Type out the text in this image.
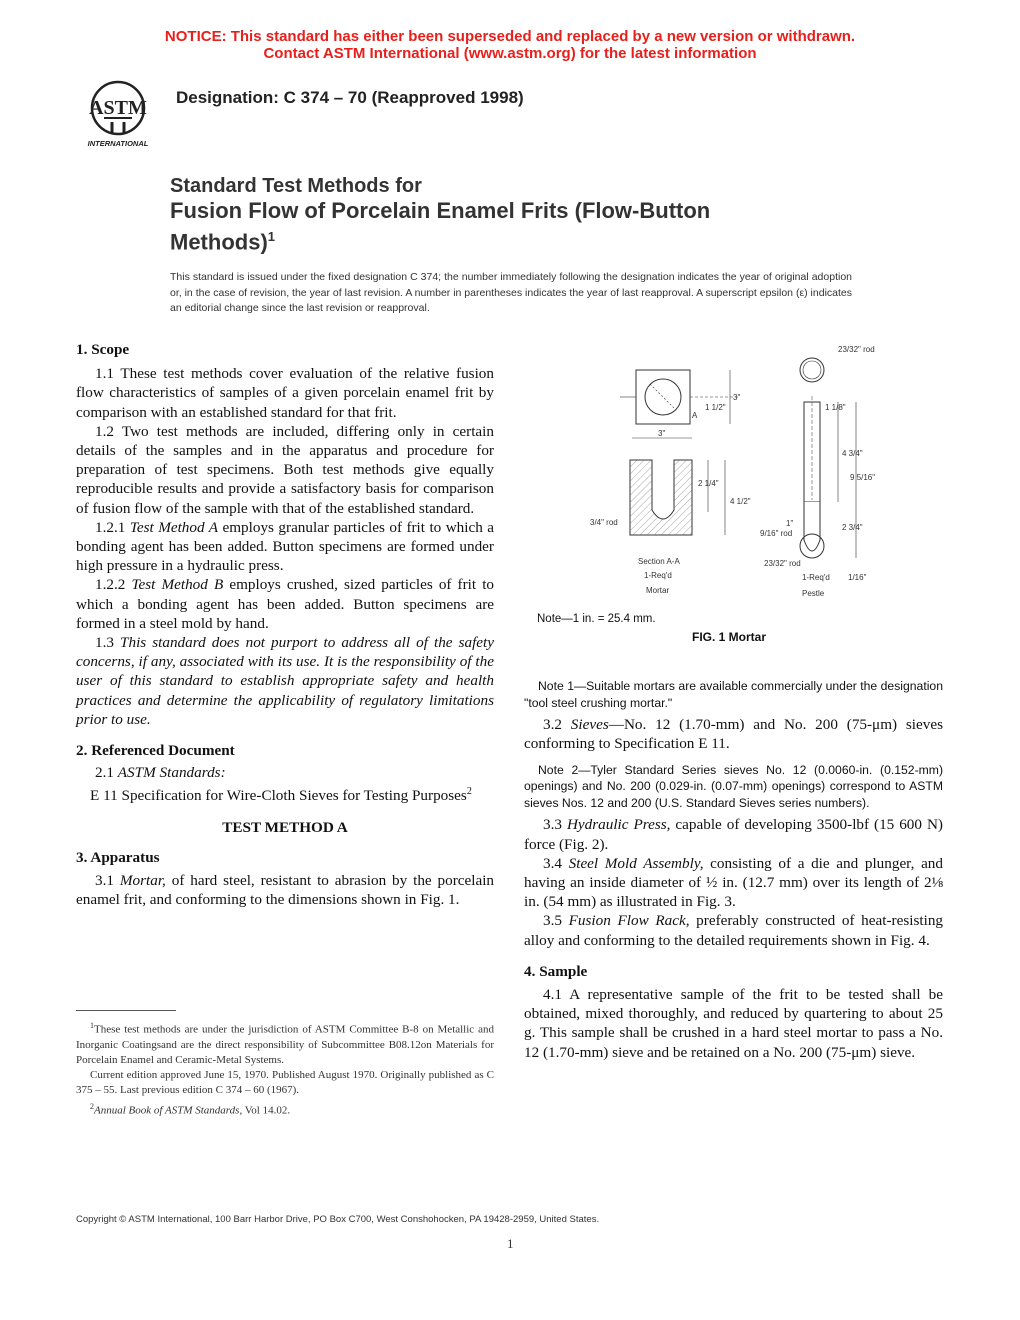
NOTICE: This standard has either been superseded and replaced by a new version or withdrawn.
Contact ASTM International (www.astm.org) for the latest information
ASTM
INTERNATIONAL
Designation: C 374 – 70 (Reapproved 1998)
Standard Test Methods for
Fusion Flow of Porcelain Enamel Frits (Flow-Button
Methods)$^1$
This standard is issued under the fixed designation C 374; the number immediately following the designation indicates the year of original adoption or, in the case of revision, the year of last revision. A number in parentheses indicates the year of last reapproval. A superscript epsilon (ε) indicates an editorial change since the last revision or reapproval.

1. Scope

1.1 These test methods cover evaluation of the relative fusion flow characteristics of samples of a given porcelain enamel frit by comparison with an established standard for that frit.

1.2 Two test methods are included, differing only in certain details of the samples and in the apparatus and procedure for preparation of test specimens. Both test methods give equally reproducible results and provide a satisfactory basis for comparison of fusion flow of the sample with that of the established standard.

1.2.1 Test Method A employs granular particles of frit to which a bonding agent has been added. Button specimens are formed under high pressure in a hydraulic press.

1.2.2 Test Method B employs crushed, sized particles of frit to which a bonding agent has been added. Button specimens are formed in a steel mold by hand.

1.3 This standard does not purport to address all of the safety concerns, if any, associated with its use. It is the responsibility of the user of this standard to establish appropriate safety and health practices and determine the applicability of regulatory limitations prior to use.

2. Referenced Document

2.1 ASTM Standards:

E 11 Specification for Wire-Cloth Sieves for Testing Purposes$^2$

TEST METHOD A

3. Apparatus

3.1 Mortar, of hard steel, resistant to abrasion by the porcelain enamel frit, and conforming to the dimensions shown in Fig. 1.

3"
1 1/2"
A
3"
2 1/4"
4 1/2"
3/4" rod
Section A-A
1-Req'd
Mortar
23/32" rod
1 1/8"
4 3/4"
9 5/16"
2 3/4"
1"
9/16" rod
23/32" rod
1-Req'd 1/16"
Pestle
Note—1 in. = 25.4 mm.
FIG. 1 Mortar

Note 1—Suitable mortars are available commercially under the designation "tool steel crushing mortar."

3.2 Sieves—No. 12 (1.70-mm) and No. 200 (75-μm) sieves conforming to Specification E 11.

Note 2—Tyler Standard Series sieves No. 12 (0.0060-in. (0.152-mm) openings) and No. 200 (0.029-in. (0.07-mm) openings) correspond to ASTM sieves Nos. 12 and 200 (U.S. Standard Sieves series numbers).

3.3 Hydraulic Press, capable of developing 3500-lbf (15 600 N) force (Fig. 2).

3.4 Steel Mold Assembly, consisting of a die and plunger, and having an inside diameter of ½ in. (12.7 mm) over its length of 2⅛ in. (54 mm) as illustrated in Fig. 3.

3.5 Fusion Flow Rack, preferably constructed of heat-resisting alloy and conforming to the detailed requirements shown in Fig. 4.

4. Sample

4.1 A representative sample of the frit to be tested shall be obtained, mixed thoroughly, and reduced by quartering to about 25 g. This sample shall be crushed in a hard steel mortar to pass a No. 12 (1.70-mm) sieve and be retained on a No. 200 (75-μm) sieve.

$^1$These test methods are under the jurisdiction of ASTM Committee B-8 on Metallic and Inorganic Coatingsand are the direct responsibility of Subcommittee B08.12on Materials for Porcelain Enamel and Ceramic-Metal Systems.

Current edition approved June 15, 1970. Published August 1970. Originally published as C 375 – 55. Last previous edition C 374 – 60 (1967).

$^2$Annual Book of ASTM Standards, Vol 14.02.

Copyright © ASTM International, 100 Barr Harbor Drive, PO Box C700, West Conshohocken, PA 19428-2959, United States.
1
